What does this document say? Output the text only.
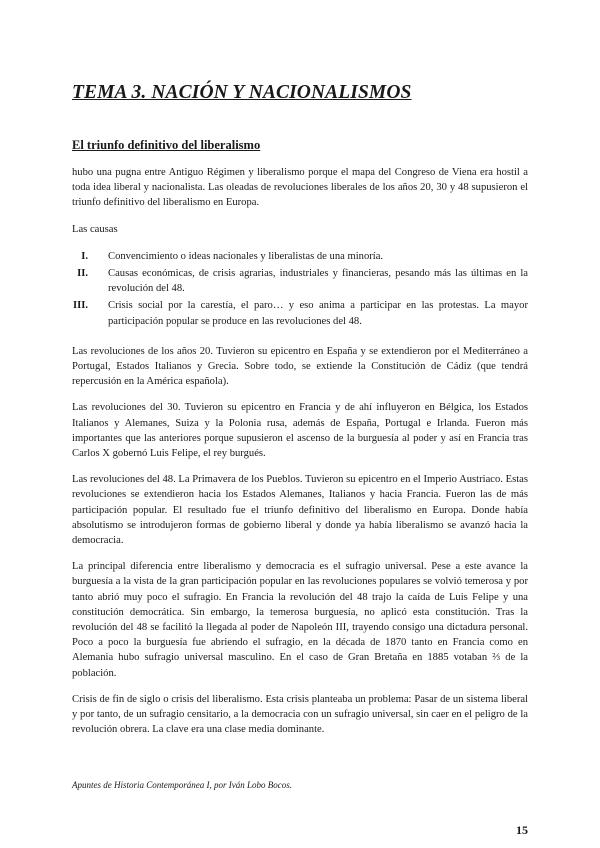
TEMA 3. NACIÓN Y NACIONALISMOS
El triunfo definitivo del liberalismo

hubo una pugna entre Antiguo Régimen y liberalismo porque el mapa del Congreso de Viena era hostil a toda idea liberal y nacionalista. Las oleadas de revoluciones liberales de los años 20, 30 y 48 supusieron el triunfo definitivo del liberalismo en Europa.

Las causas

I. Convencimiento o ideas nacionales y liberalistas de una minoría.
II. Causas económicas, de crisis agrarias, industriales y financieras, pesando más las últimas en la revolución del 48.
III. Crisis social por la carestía, el paro… y eso anima a participar en las protestas. La mayor participación popular se produce en las revoluciones del 48.

Las revoluciones de los años 20. Tuvieron su epicentro en España y se extendieron por el Mediterráneo a Portugal, Estados Italianos y Grecia. Sobre todo, se extiende la Constitución de Cádiz (que tendrá repercusión en la América española).

Las revoluciones del 30. Tuvieron su epicentro en Francia y de ahí influyeron en Bélgica, los Estados Italianos y Alemanes, Suiza y la Polonia rusa, además de España, Portugal e Irlanda. Fueron más importantes que las anteriores porque supusieron el ascenso de la burguesía al poder y así en Francia tras Carlos X gobernó Luis Felipe, el rey burgués.

Las revoluciones del 48. La Primavera de los Pueblos. Tuvieron su epicentro en el Imperio Austriaco. Estas revoluciones se extendieron hacia los Estados Alemanes, Italianos y hacia Francia. Fueron las de más participación popular. El resultado fue el triunfo definitivo del liberalismo en Europa. Donde había absolutismo se introdujeron formas de gobierno liberal y donde ya había liberalismo se avanzó hacia la democracia.

La principal diferencia entre liberalismo y democracia es el sufragio universal. Pese a este avance la burguesía a la vista de la gran participación popular en las revoluciones populares se volvió temerosa y por tanto abrió muy poco el sufragio. En Francia la revolución del 48 trajo la caída de Luis Felipe y una constitución democrática. Sin embargo, la temerosa burguesía, no aplicó esta constitución. Tras la revolución del 48 se facilitó la llegada al poder de Napoleón III, trayendo consigo una dictadura personal. Poco a poco la burguesía fue abriendo el sufragio, en la década de 1870 tanto en Francia como en Alemania hubo sufragio universal masculino. En el caso de Gran Bretaña en 1885 votaban ⅔ de la población.

Crisis de fin de siglo o crisis del liberalismo. Esta crisis planteaba un problema: Pasar de un sistema liberal y por tanto, de un sufragio censitario, a la democracia con un sufragio universal, sin caer en el peligro de la revolución obrera. La clave era una clase media dominante.

Apuntes de Historia Contemporánea I, por Iván Lobo Bocos.
15
